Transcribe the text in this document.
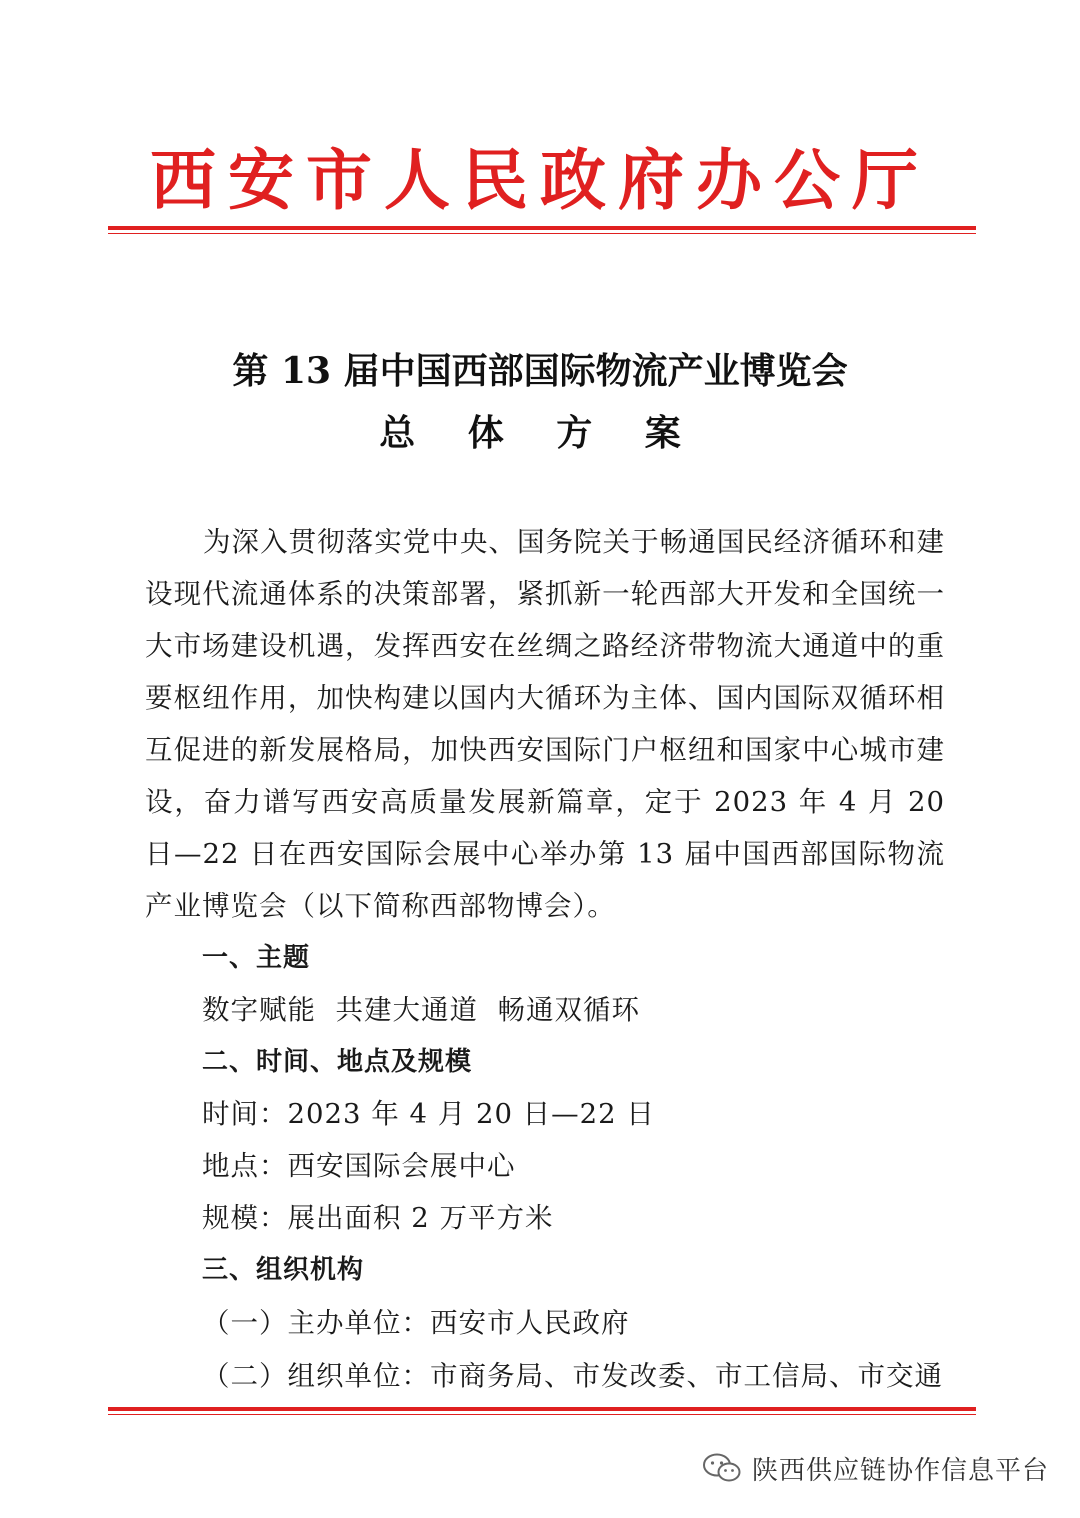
西安市人民政府办公厅
第 13 届中国西部国际物流产业博览会
总 体 方 案
为深入贯彻落实党中央、国务院关于畅通国民经济循环和建设现代流通体系的决策部署，紧抓新一轮西部大开发和全国统一大市场建设机遇，发挥西安在丝绸之路经济带物流大通道中的重要枢纽作用，加快构建以国内大循环为主体、国内国际双循环相互促进的新发展格局，加快西安国际门户枢纽和国家中心城市建设，奋力谱写西安高质量发展新篇章，定于 2023 年 4 月 20 日—22 日在西安国际会展中心举办第 13 届中国西部国际物流产业博览会（以下简称西部物博会）。
一、主题
数字赋能  共建大通道  畅通双循环
二、时间、地点及规模
时间：2023 年 4 月 20 日—22 日
地点：西安国际会展中心
规模：展出面积 2 万平方米
三、组织机构
（一）主办单位：西安市人民政府
（二）组织单位：市商务局、市发改委、市工信局、市交通
陕西供应链协作信息平台
